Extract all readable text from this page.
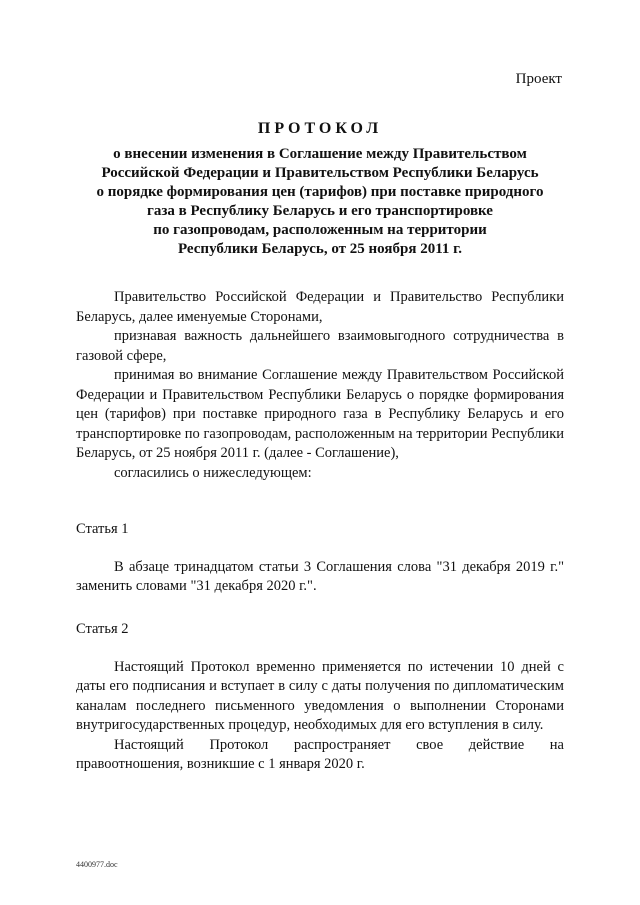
Проект
ПРОТОКОЛ
о внесении изменения в Соглашение между Правительством
Российской Федерации и Правительством Республики Беларусь
о порядке формирования цен (тарифов) при поставке природного
газа в Республику Беларусь и его транспортировке
по газопроводам, расположенным на территории
Республики Беларусь, от 25 ноября 2011 г.

Правительство Российской Федерации и Правительство Республики Беларусь, далее именуемые Сторонами,

признавая важность дальнейшего взаимовыгодного сотрудничества в газовой сфере,

принимая во внимание Соглашение между Правительством Российской Федерации и Правительством Республики Беларусь о порядке формирования цен (тарифов) при поставке природного газа в Республику Беларусь и его транспортировке по газопроводам, расположенным на территории Республики Беларусь, от 25 ноября 2011 г. (далее - Соглашение),

согласились о нижеследующем:

Статья 1

В абзаце тринадцатом статьи 3 Соглашения слова "31 декабря 2019 г." заменить словами "31 декабря 2020 г.".

Статья 2

Настоящий Протокол временно применяется по истечении 10 дней с даты его подписания и вступает в силу с даты получения по дипломатическим каналам последнего письменного уведомления о выполнении Сторонами внутригосударственных процедур, необходимых для его вступления в силу.

Настоящий Протокол распространяет свое действие на правоотношения, возникшие с 1 января 2020 г.

4400977.doc
